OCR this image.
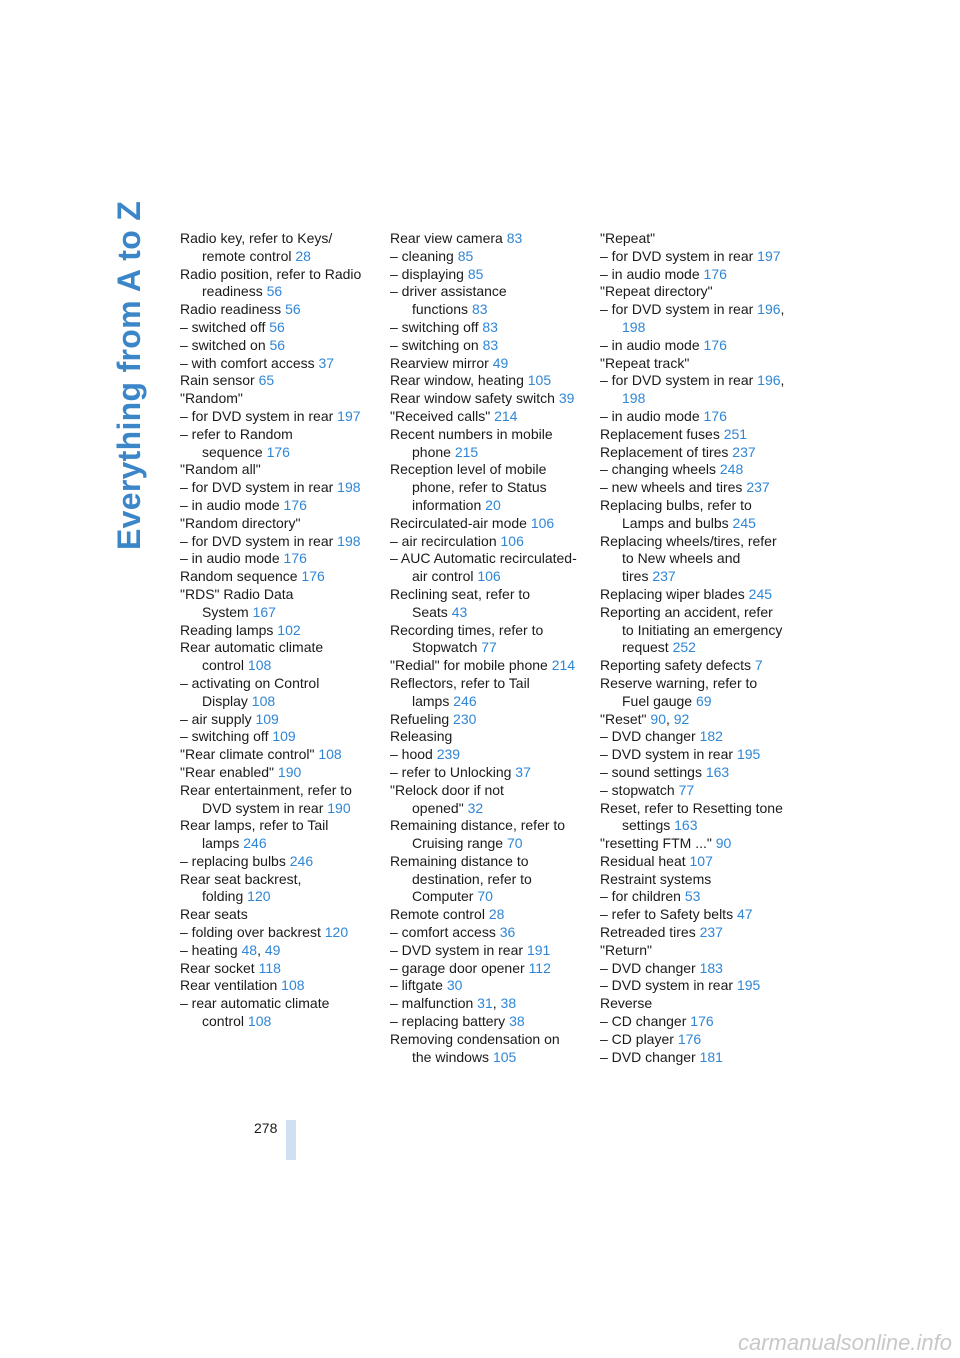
Everything from A to Z	Radio key, refer to Keys/ remote control 28
Radio position, refer to Radio readiness 56
Radio readiness 56
– switched off 56
– switched on 56
– with comfort access 37
Rain sensor 65
"Random"
– for DVD system in rear 197
– refer to Random sequence 176
"Random all"
– for DVD system in rear 198
– in audio mode 176
"Random directory"
– for DVD system in rear 198
– in audio mode 176
Random sequence 176
"RDS" Radio Data System 167
Reading lamps 102
Rear automatic climate control 108
– activating on Control Display 108
– air supply 109
– switching off 109
"Rear climate control" 108
"Rear enabled" 190
Rear entertainment, refer to DVD system in rear 190
Rear lamps, refer to Tail lamps 246
– replacing bulbs 246
Rear seat backrest, folding 120
Rear seats
– folding over backrest 120
– heating 48, 49
Rear socket 118
Rear ventilation 108
– rear automatic climate control 108
Rear view camera 83
– cleaning 85
– displaying 85
– driver assistance functions 83
– switching off 83
– switching on 83
Rearview mirror 49
Rear window, heating 105
Rear window safety switch 39
"Received calls" 214
Recent numbers in mobile phone 215
Reception level of mobile phone, refer to Status information 20
Recirculated-air mode 106
– air recirculation 106
– AUC Automatic recirculated-air control 106
Reclining seat, refer to Seats 43
Recording times, refer to Stopwatch 77
"Redial" for mobile phone 214
Reflectors, refer to Tail lamps 246
Refueling 230
Releasing
– hood 239
– refer to Unlocking 37
"Relock door if not opened" 32
Remaining distance, refer to Cruising range 70
Remaining distance to destination, refer to Computer 70
Remote control 28
– comfort access 36
– DVD system in rear 191
– garage door opener 112
– liftgate 30
– malfunction 31, 38
– replacing battery 38
Removing condensation on the windows 105
"Repeat"
– for DVD system in rear 197
– in audio mode 176
"Repeat directory"
– for DVD system in rear 196, 198
– in audio mode 176
"Repeat track"
– for DVD system in rear 196, 198
– in audio mode 176
Replacement fuses 251
Replacement of tires 237
– changing wheels 248
– new wheels and tires 237
Replacing bulbs, refer to Lamps and bulbs 245
Replacing wheels/tires, refer to New wheels and tires 237
Replacing wiper blades 245
Reporting an accident, refer to Initiating an emergency request 252
Reporting safety defects 7
Reserve warning, refer to Fuel gauge 69
"Reset" 90, 92
– DVD changer 182
– DVD system in rear 195
– sound settings 163
– stopwatch 77
Reset, refer to Resetting tone settings 163
"resetting FTM ..." 90
Residual heat 107
Restraint systems
– for children 53
– refer to Safety belts 47
Retreaded tires 237
"Return"
– DVD changer 183
– DVD system in rear 195
Reverse
– CD changer 176
– CD player 176
– DVD changer 181
278
carmanualsonline.info
